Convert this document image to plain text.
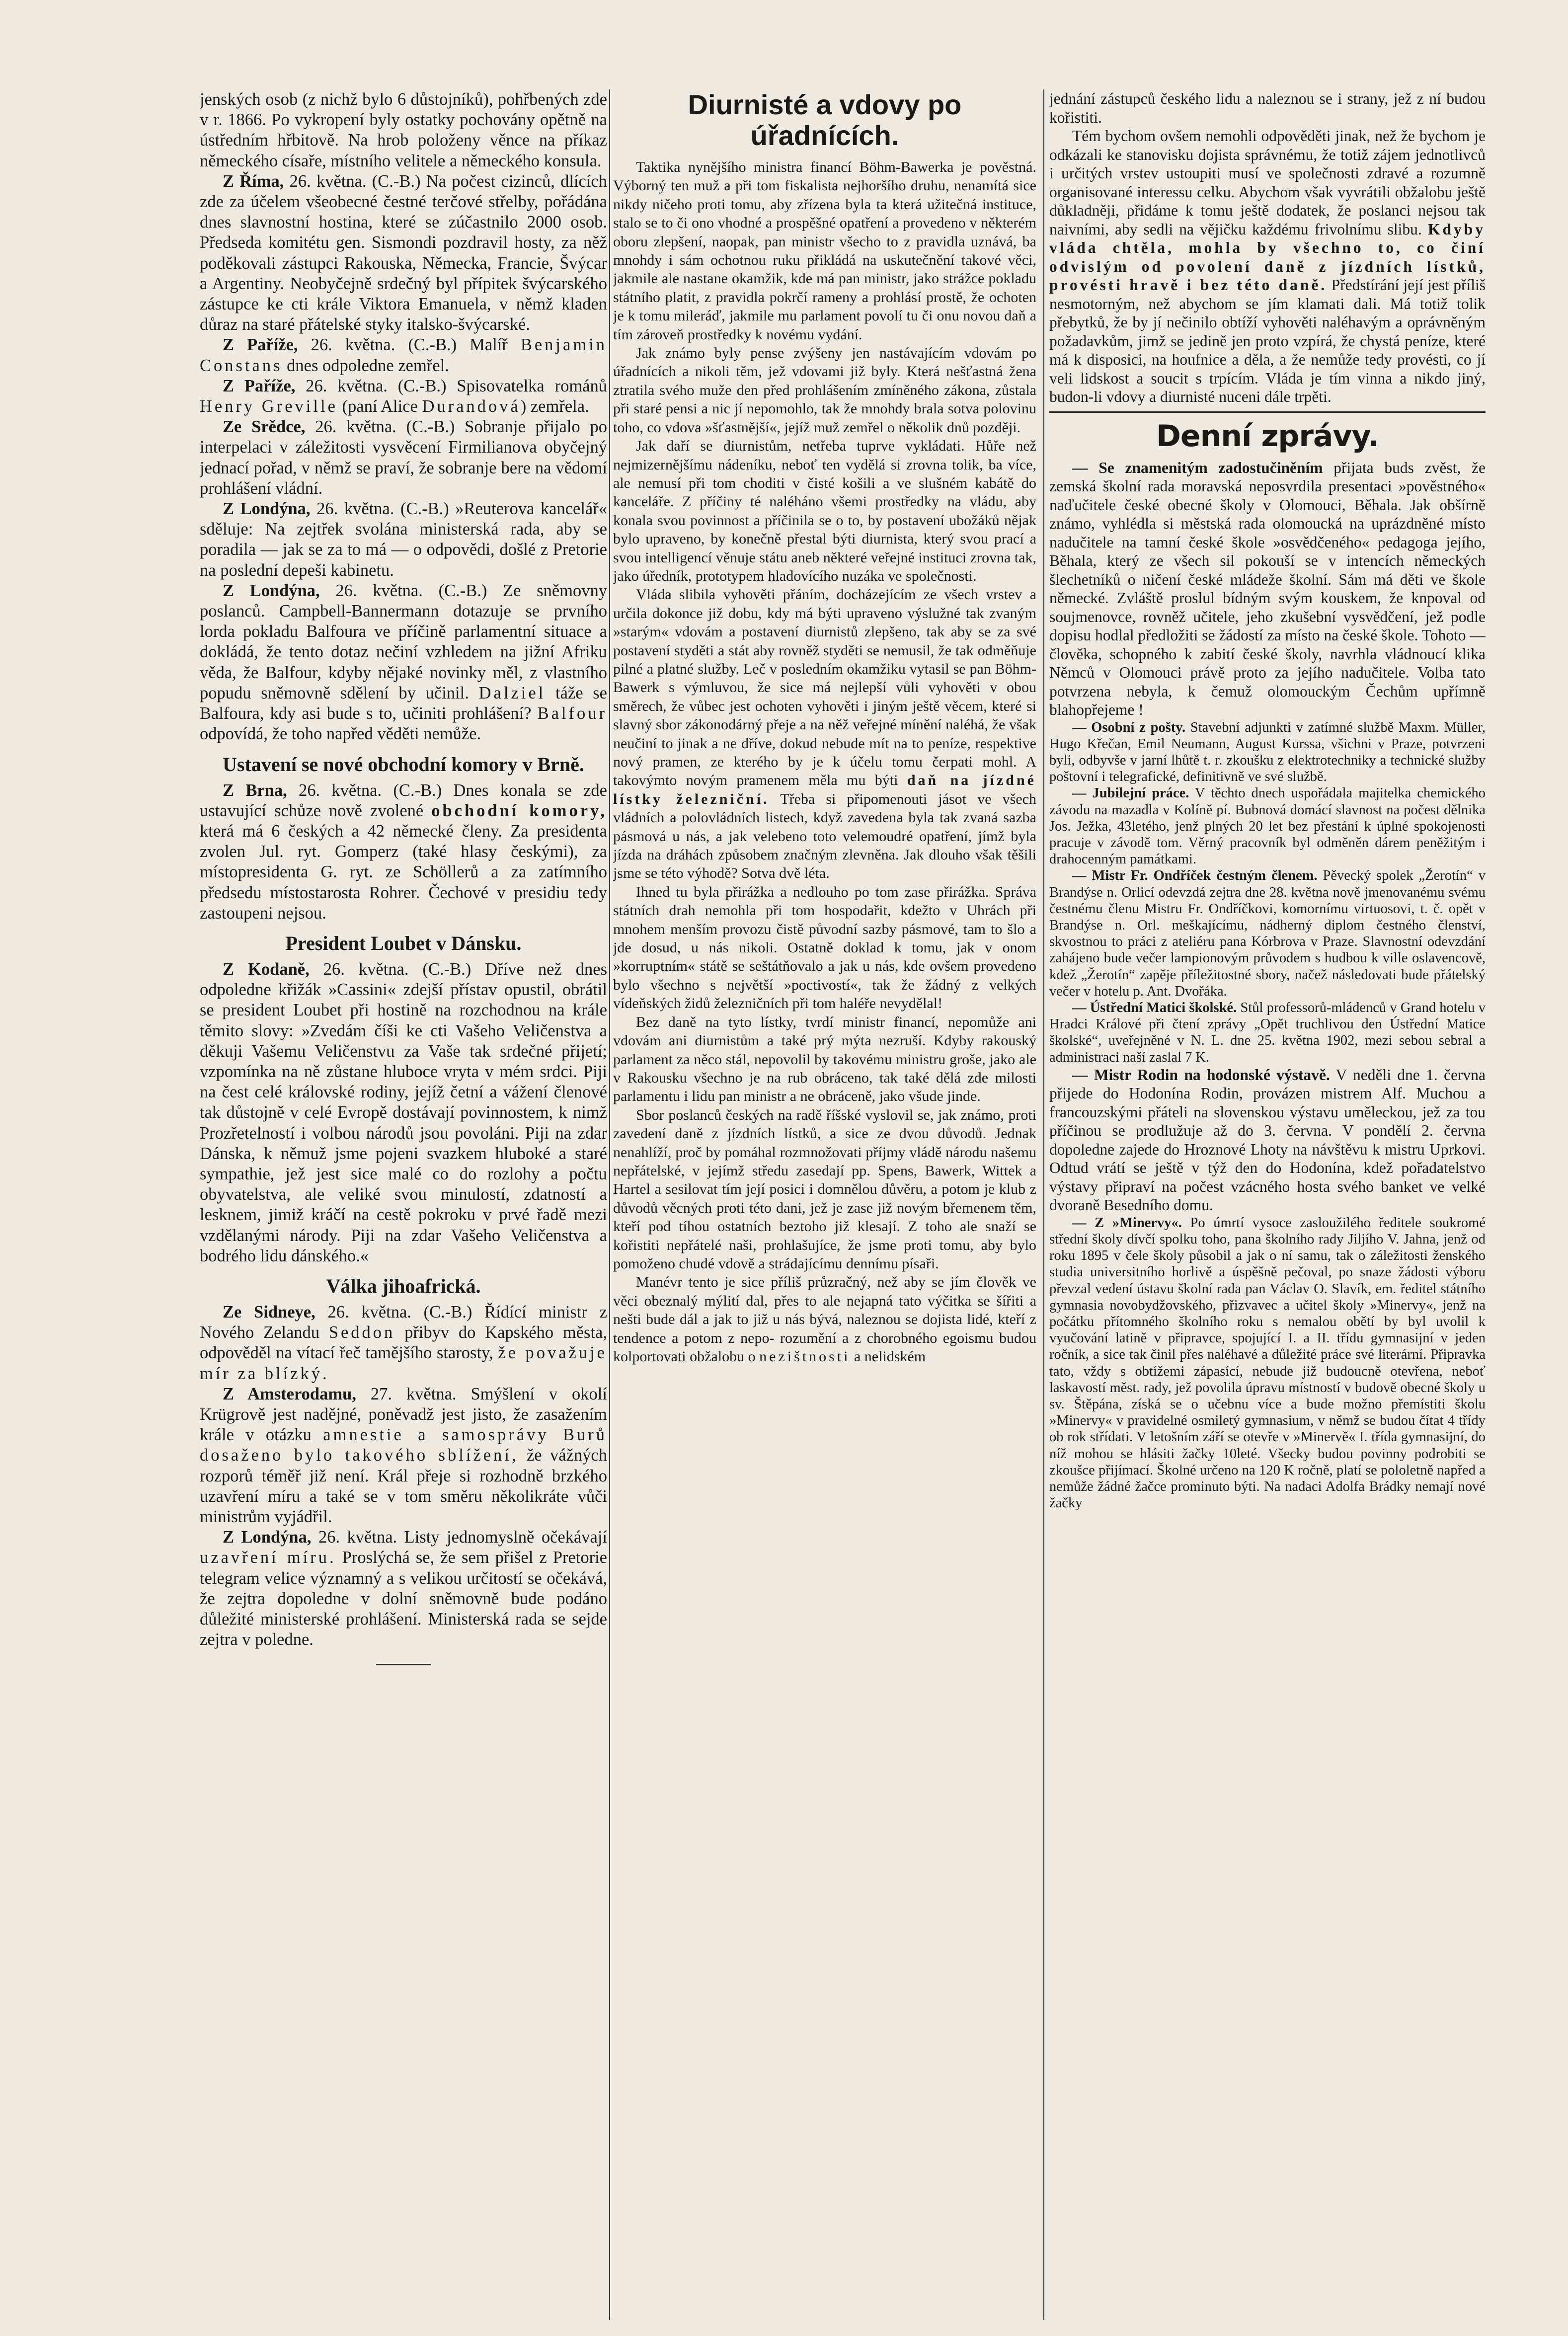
jenských osob (z nichž bylo 6 důstojníků), pohřbených zde v r. 1866. Po vykropení byly ostatky pochovány opětně na ústředním hřbitově. Na hrob položeny věnce na příkaz německého císaře, místního velitele a německého konsula.

Z Říma, 26. května. (C.-B.) Na počest cizinců, dlících zde za účelem všeobecné čestné terčové střelby, pořádána dnes slavnostní hostina, které se zúčastnilo 2000 osob. Předseda komitétu gen. Sismondi pozdravil hosty, za něž poděkovali zástupci Rakouska, Německa, Francie, Švýcar a Argentiny. Neobyčejně srdečný byl přípitek švýcarského zástupce ke cti krále Viktora Emanuela, v němž kladen důraz na staré přátelské styky italsko-švýcarské.

Z Paříže, 26. května. (C.-B.) Malíř Benjamin Constans dnes odpoledne zemřel.

Z Paříže, 26. května. (C.-B.) Spisovatelka románů Henry Greville (paní Alice Durandová) zemřela.

Ze Srědce, 26. května. (C.-B.) Sobranje přijalo po interpelaci v záležitosti vysvěcení Firmilianova obyčejný jednací pořad, v němž se praví, že sobranje bere na vědomí prohlášení vládní.

Z Londýna, 26. května. (C.-B.) »Reuterova kancelář« sděluje: Na zejtřek svolána ministerská rada, aby se poradila — jak se za to má — o odpovědi, došlé z Pretorie na poslední depeši kabinetu.

Z Londýna, 26. května. (C.-B.) Ze sněmovny poslanců. Campbell-Bannermann dotazuje se prvního lorda pokladu Balfoura ve příčině parlamentní situace a dokládá, že tento dotaz nečiní vzhledem na jižní Afriku věda, že Balfour, kdyby nějaké novinky měl, z vlastního popudu sněmovně sdělení by učinil. Dalziel táže se Balfoura, kdy asi bude s to, učiniti prohlášení? Balfour odpovídá, že toho napřed věděti nemůže.

Ustavení se nové obchodní komory v Brně.

Z Brna, 26. května. (C.-B.) Dnes konala se zde ustavující schůze nově zvolené obchodní komory, která má 6 českých a 42 německé členy. Za presidenta zvolen Jul. ryt. Gomperz (také hlasy českými), za místopresidenta G. ryt. ze Schöllerů a za zatímního předsedu místostarosta Rohrer. Čechové v presidiu tedy zastoupeni nejsou.

President Loubet v Dánsku.

Z Kodaně, 26. května. (C.-B.) Dříve než dnes odpoledne křižák »Cassini« zdejší přístav opustil, obrátil se president Loubet při hostině na rozchodnou na krále těmito slovy: »Zvedám číši ke cti Vašeho Veličenstva a děkuji Vašemu Veličenstvu za Vaše tak srdečné přijetí; vzpomínka na ně zůstane hluboce vryta v mém srdci. Piji na čest celé královské rodiny, jejíž četní a vážení členové tak důstojně v celé Evropě dostávají povinnostem, k nimž Prozřetelností i volbou národů jsou povoláni. Piji na zdar Dánska, k němuž jsme pojeni svazkem hluboké a staré sympathie, jež jest sice malé co do rozlohy a počtu obyvatelstva, ale veliké svou minulostí, zdatností a lesknem, jimiž kráčí na cestě pokroku v prvé řadě mezi vzdělanými národy. Piji na zdar Vašeho Veličenstva a bodrého lidu dánského.«

Válka jihoafrická.

Ze Sidneye, 26. května. (C.-B.) Řídící ministr z Nového Zelandu Seddon přibyv do Kapského města, odpověděl na vítací řeč tamějšího starosty, že považuje mír za blízký.

Z Amsterodamu, 27. května. Smýšlení v okolí Krügrově jest nadějné, poněvadž jest jisto, že zasažením krále v otázku amnestie a samosprávy Burů dosaženo bylo takového sblížení, že vážných rozporů téměř již není. Král přeje si rozhodně brzkého uzavření míru a také se v tom směru několikráte vůči ministrům vyjádřil.

Z Londýna, 26. května. Listy jednomyslně očekávají uzavření míru. Proslýchá se, že sem přišel z Pretorie telegram velice významný a s velikou určitostí se očekává, že zejtra dopoledne v dolní sněmovně bude podáno důležité ministerské prohlášení. Ministerská rada se sejde zejtra v poledne.

Diurnisté a vdovy po úřadnících.

Taktika nynějšího ministra financí Böhm-Bawerka je pověstná. Výborný ten muž a při tom fiskalista nejhoršího druhu, nenamítá sice nikdy ničeho proti tomu, aby zřízena byla ta která užitečná instituce, stalo se to či ono vhodné a prospěšné opatření a provedeno v některém oboru zlepšení, naopak, pan ministr všecho to z pravidla uznává, ba mnohdy i sám ochotnou ruku přikládá na uskutečnění takové věci, jakmile ale nastane okamžik, kde má pan ministr, jako strážce pokladu státního platit, z pravidla pokrčí rameny a prohlásí prostě, že ochoten je k tomu mileráď, jakmile mu parlament povolí tu či onu novou daň a tím zároveň prostředky k novému vydání.

Jak známo byly pense zvýšeny jen nastávajícím vdovám po úřadnících a nikoli těm, jež vdovami již byly. Která nešťastná žena ztratila svého muže den před prohlášením zmíněného zákona, zůstala při staré pensi a nic jí nepomohlo, tak že mnohdy brala sotva polovinu toho, co vdova »šťastnější«, jejíž muž zemřel o několik dnů později.

Jak daří se diurnistům, netřeba tuprve vykládati. Hůře než nejmizernějšímu nádeníku, neboť ten vydělá si zrovna tolik, ba více, ale nemusí při tom choditi v čisté košili a ve slušném kabátě do kanceláře. Z příčiny té naléháno všemi prostředky na vládu, aby konala svou povinnost a příčinila se o to, by postavení ubožáků nějak bylo upraveno, by konečně přestal býti diurnista, který svou prací a svou intelligencí věnuje státu aneb některé veřejné instituci zrovna tak, jako úředník, prototypem hladovícího nuzáka ve společnosti.

Vláda slibila vyhověti přáním, docházejícím ze všech vrstev a určila dokonce již dobu, kdy má býti upraveno výslužné tak zvaným »starým« vdovám a postavení diurnistů zlepšeno, tak aby se za své postavení styděti a stát aby rovněž styděti se nemusil, že tak odměňuje pilné a platné služby. Leč v posledním okamžiku vytasil se pan Böhm-Bawerk s výmluvou, že sice má nejlepší vůli vyhověti v obou směrech, že vůbec jest ochoten vyhověti i jiným ještě věcem, které si slavný sbor zákonodárný přeje a na něž veřejné mínění naléhá, že však neučiní to jinak a ne dříve, dokud nebude mít na to peníze, respektive nový pramen, ze kterého by je k účelu tomu čerpati mohl. A takovýmto novým pramenem měla mu býti daň na jízdné lístky železniční. Třeba si připomenouti jásot ve všech vládních a polovládních listech, když zavedena byla tak zvaná sazba pásmová u nás, a jak velebeno toto velemoudré opatření, jímž byla jízda na dráhách způsobem značným zlevněna. Jak dlouho však těšili jsme se této výhodě? Sotva dvě léta.

Ihned tu byla přirážka a nedlouho po tom zase přirážka. Správa státních drah nemohla při tom hospodařit, kdežto v Uhrách při mnohem menším provozu čistě původní sazby pásmové, tam to šlo a jde dosud, u nás nikoli. Ostatně doklad k tomu, jak v onom »korruptním« státě se seštátňovalo a jak u nás, kde ovšem provedeno bylo všechno s největší »poctivostí«, tak že žádný z velkých vídeňských židů železničních při tom haléře nevydělal!

Bez daně na tyto lístky, tvrdí ministr financí, nepomůže ani vdovám ani diurnistům a také prý mýta nezruší. Kdyby rakouský parlament za něco stál, nepovolil by takovému ministru groše, jako ale v Rakousku všechno je na rub obráceno, tak také dělá zde milosti parlamentu i lidu pan ministr a ne obráceně, jako všude jinde.

Sbor poslanců českých na radě říšské vyslovil se, jak známo, proti zavedení daně z jízdních lístků, a sice ze dvou důvodů. Jednak nenahlíží, proč by pomáhal rozmnožovati příjmy vládě národu našemu nepřátelské, v jejímž středu zasedají pp. Spens, Bawerk, Wittek a Hartel a sesilovat tím její posici i domnělou důvěru, a potom je klub z důvodů věcných proti této dani, jež je zase již novým břemenem těm, kteří pod tíhou ostatních beztoho již klesají. Z toho ale snaží se kořistiti nepřátelé naši, prohlašujíce, že jsme proti tomu, aby bylo pomoženo chudé vdově a strádajícímu dennímu písaři.

Manévr tento je sice příliš průzračný, než aby se jím člověk ve věci obeznalý mýlití dal, přes to ale nejapná tato výčitka se šířiti a nešti bude dál a jak to již u nás bývá, naleznou se dojista lidé, kteří z tendence a potom z nepo- rozumění a z chorobného egoismu budou kolportovati obžalobu o nezištnosti a nelidském

jednání zástupců českého lidu a naleznou se i strany, jež z ní budou kořistiti.

Tém bychom ovšem nemohli odpověděti jinak, než že bychom je odkázali ke stanovisku dojista správnému, že totiž zájem jednotlivců i určitých vrstev ustoupiti musí ve společnosti zdravé a rozumně organisované interessu celku. Abychom však vyvrátili obžalobu ještě důkladněji, přidáme k tomu ještě dodatek, že poslanci nejsou tak naivními, aby sedli na vějičku každému frivolnímu slibu. Kdyby vláda chtěla, mohla by všechno to, co činí odvislým od povolení daně z jízdních lístků, provésti hravě i bez této daně. Předstírání její jest příliš nesmotorným, než abychom se jím klamati dali. Má totiž tolik přebytků, že by jí nečinilo obtíží vyhověti naléhavým a oprávněným požadavkům, jimž se jedině jen proto vzpírá, že chystá peníze, které má k disposici, na houfnice a děla, a že nemůže tedy provésti, co jí veli lidskost a soucit s trpícím. Vláda je tím vinna a nikdo jiný, budon-li vdovy a diurnisté nuceni dále trpěti.

Denní zprávy.

— Se znamenitým zadostučiněním přijata buds zvěst, že zemská školní rada moravská neposvrdila presentaci »pověstného« naďučitele české obecné školy v Olomouci, Běhala. Jak obšírně známo, vyhlédla si městská rada olomoucká na uprázdněné místo nadučitele na tamní české škole »osvědčeného« pedagoga jejího, Běhala, který ze všech sil pokouší se v intencích německých šlechetníků o ničení české mládeže školní. Sám má děti ve škole německé. Zvláště proslul bídným svým kouskem, že knpoval od soujmenovce, rovněž učitele, jeho zkušební vysvědčení, jež podle dopisu hodlal předložiti se žádostí za místo na české škole. Tohoto — člověka, schopného k zabití české školy, navrhla vládnoucí klika Němců v Olomouci právě proto za jejího nadučitele. Volba tato potvrzena nebyla, k čemuž olomouckým Čechům upřímně blahopřejeme !

— Osobní z pošty. Stavební adjunkti v zatímné službě Maxm. Müller, Hugo Křečan, Emil Neumann, August Kurssa, všichni v Praze, potvrzeni byli, odbyvše v jarní lhůtě t. r. zkoušku z elektrotechniky a technické služby poštovní i telegrafické, definitivně ve své službě.

— Jubilejní práce. V těchto dnech uspořádala majitelka chemického závodu na mazadla v Kolíně pí. Bubnová domácí slavnost na počest dělnika Jos. Ježka, 43letého, jenž plných 20 let bez přestání k úplné spokojenosti pracuje v závodě tom. Věrný pracovník byl odměněn dárem peněžitým i drahocenným památkami.

— Mistr Fr. Ondříček čestným členem. Pěvecký spolek „Žerotín“ v Brandýse n. Orlicí odevzdá zejtra dne 28. května nově jmenovanému svému čestnému členu Mistru Fr. Ondříčkovi, komornímu virtuosovi, t. č. opět v Brandýse n. Orl. meškajícímu, nádherný diplom čestného členství, skvostnou to práci z ateliéru pana Kórbrova v Praze. Slavnostní odevzdání zahájeno bude večer lampionovým průvodem s hudbou k ville oslavencově, kdež „Žerotín“ zapěje příležitostné sbory, načež následovati bude přátelský večer v hotelu p. Ant. Dvořáka.

— Ústřední Matici školské. Stůl professorů-mládenců v Grand hotelu v Hradci Králové při čtení zprávy „Opět truchlivou den Ústřední Matice školské“, uveřejněné v N. L. dne 25. května 1902, mezi sebou sebral a administraci naší zaslal 7 K.

— Mistr Rodin na hodonské výstavě. V neděli dne 1. června přijede do Hodonína Rodin, provázen mistrem Alf. Muchou a francouzskými přáteli na slovenskou výstavu uměleckou, jež za tou příčinou se prodlužuje až do 3. června. V pondělí 2. června dopoledne zajede do Hroznové Lhoty na návštěvu k mistru Uprkovi. Odtud vrátí se ještě v týž den do Hodonína, kdež pořadatelstvo výstavy připraví na počest vzácného hosta svého banket ve velké dvoraně Besedního domu.

— Z »Minervy«. Po úmrtí vysoce zasloužilého ředitele soukromé střední školy dívčí spolku toho, pana školního rady Jiljího V. Jahna, jenž od roku 1895 v čele školy působil a jak o ní samu, tak o záležitosti ženského studia universitního horlivě a úspěšně pečoval, po snaze žádosti výboru převzal vedení ústavu školní rada pan Václav O. Slavík, em. ředitel státního gymnasia novobydžovského, přizvavec a učitel školy »Minervy«, jenž na počátku přítomného školního roku s nemalou obětí by byl uvolil k vyučování latině v připravce, spojující I. a II. třídu gymnasijní v jeden ročník, a sice tak činil přes naléhavé a důležité práce své literární. Připravka tato, vždy s obtížemi zápasící, nebude již budoucně otevřena, neboť laskavostí měst. rady, jež povolila úpravu místností v budově obecné školy u sv. Štěpána, získá se o učebnu více a bude možno přemístiti školu »Minervy« v pravidelné osmiletý gymnasium, v němž se budou čítat 4 třídy ob rok střídati. V letošním září se otevře v »Minervě« I. třída gymnasijní, do níž mohou se hlásiti žačky 10leté. Všecky budou povinny podrobiti se zkoušce přijímací. Školné určeno na 120 K ročně, platí se pololetně napřed a nemůže žádné žačce prominuto býti. Na nadaci Adolfa Brádky nemají nové žačky
